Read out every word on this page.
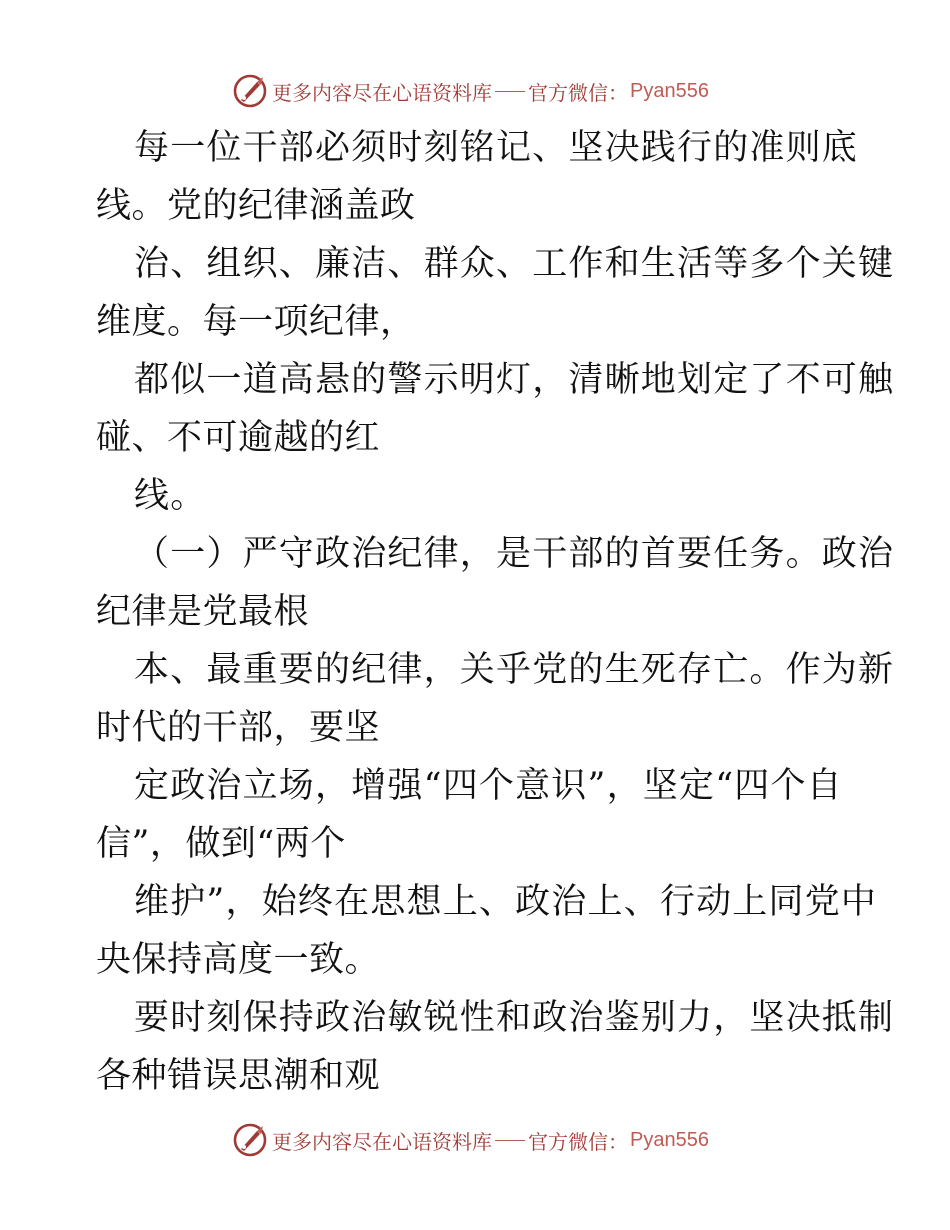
更多内容尽在心语资料库 官方微信： Pyan556
每一位干部必须时刻铭记、坚决践行的准则底
线。党的纪律涵盖政
治、组织、廉洁、群众、工作和生活等多个关键
维度。每一项纪律，
都似一道高悬的警示明灯，清晰地划定了不可触
碰、不可逾越的红
线。
（一）严守政治纪律，是干部的首要任务。政治
纪律是党最根
本、最重要的纪律，关乎党的生死存亡。作为新
时代的干部，要坚
定政治立场，增强“四个意识”，坚定“四个自
信”，做到“两个
维护”，始终在思想上、政治上、行动上同党中
央保持高度一致。
要时刻保持政治敏锐性和政治鉴别力，坚决抵制
各种错误思潮和观
更多内容尽在心语资料库 官方微信： Pyan556
